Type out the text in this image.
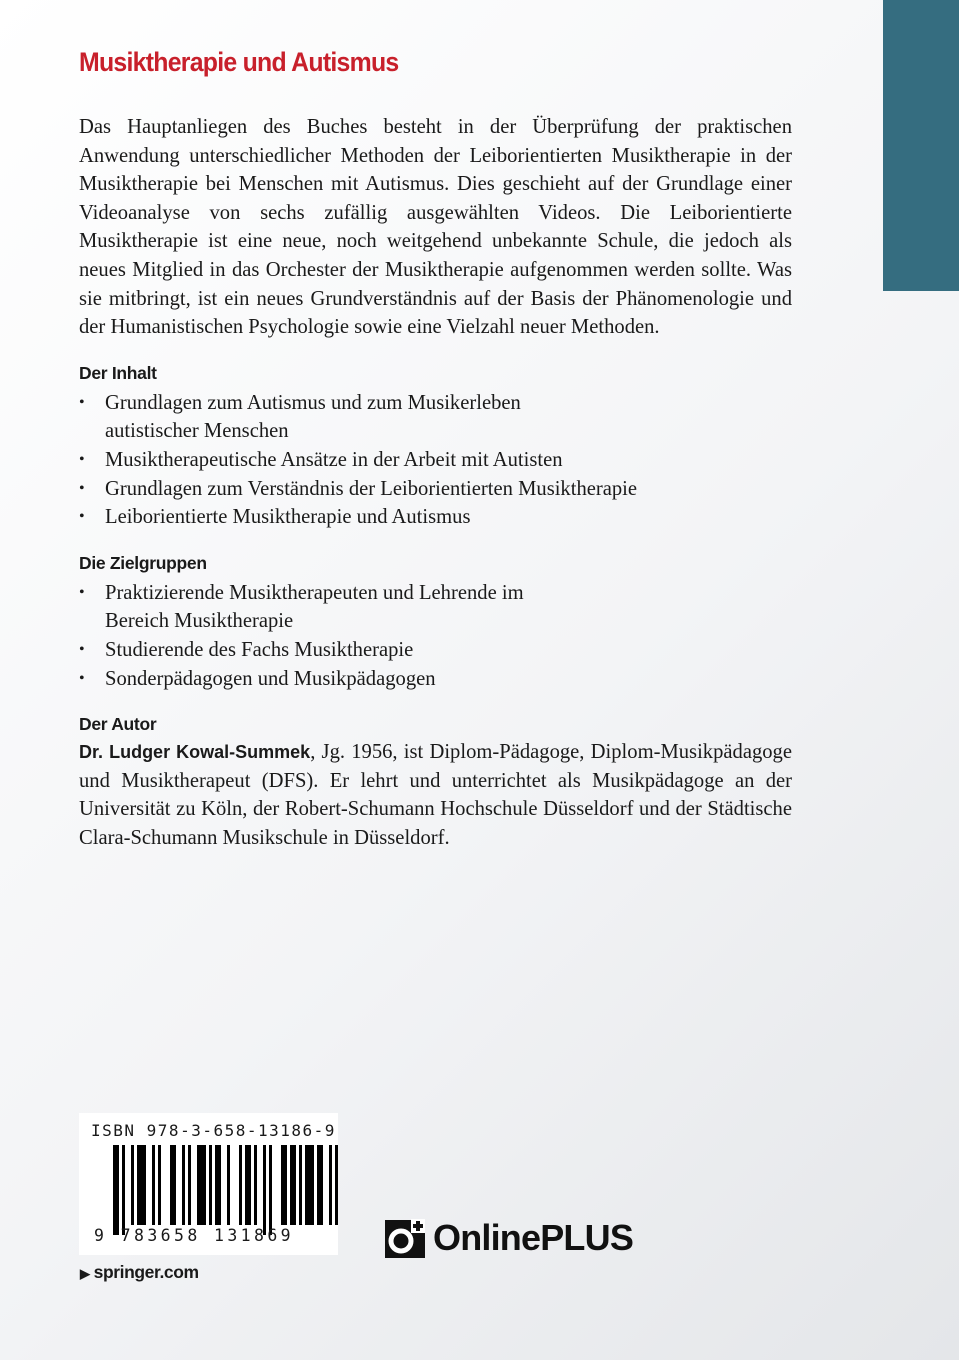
Musiktherapie und Autismus

Das Hauptanliegen des Buches besteht in der Überprüfung der praktischen Anwendung unterschiedlicher Methoden der Leiborientierten Musiktherapie in der Musiktherapie bei Menschen mit Autismus. Dies geschieht auf der Grundlage einer Videoanalyse von sechs zufällig ausgewählten Videos. Die Leiborientierte Musiktherapie ist eine neue, noch weitgehend unbekannte Schule, die jedoch als neues Mitglied in das Orchester der Musiktherapie aufgenommen werden sollte. Was sie mitbringt, ist ein neues Grundverständnis auf der Basis der Phänomenologie und der Humanistischen Psychologie sowie eine Vielzahl neuer Methoden.

Der Inhalt
• Grundlagen zum Autismus und zum Musikerleben autistischer Menschen
• Musiktherapeutische Ansätze in der Arbeit mit Autisten
• Grundlagen zum Verständnis der Leiborientierten Musiktherapie
• Leiborientierte Musiktherapie und Autismus
Die Zielgruppen
• Praktizierende Musiktherapeuten und Lehrende im Bereich Musiktherapie
• Studierende des Fachs Musiktherapie
• Sonderpädagogen und Musikpädagogen
Der Autor

Dr. Ludger Kowal-Summek, Jg. 1956, ist Diplom-Pädagoge, Diplom-Musikpädagoge und Musiktherapeut (DFS). Er lehrt und unterrichtet als Musikpädagoge an der Universität zu Köln, der Robert-Schumann Hochschule Düsseldorf und der Städtische Clara-Schumann Musikschule in Düsseldorf.

ISBN 978-3-658-13186-9
9 783658 131869
▶ springer.com
OnlinePLUS
